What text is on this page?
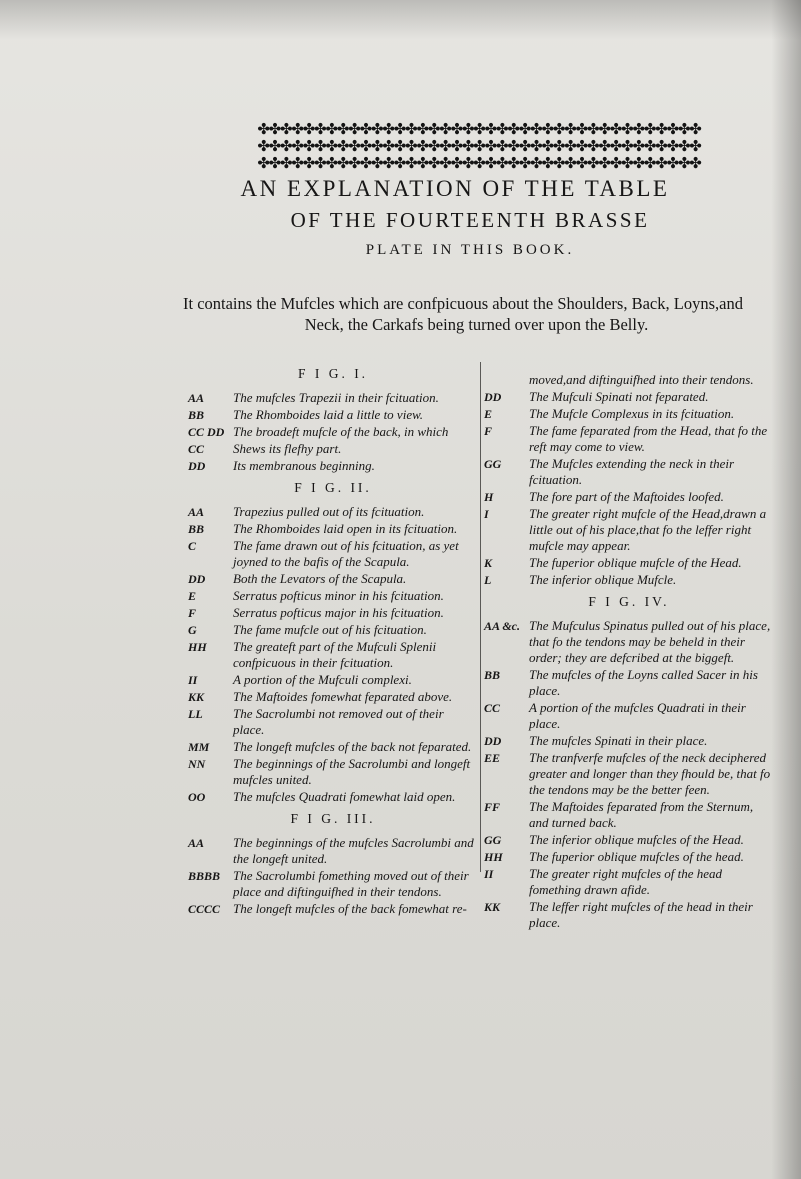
✤✤✤✤✤✤✤✤✤✤✤✤✤✤✤✤✤✤✤✤✤✤✤✤✤✤✤✤✤✤✤✤✤✤✤✤✤✤✤
✤✤✤✤✤✤✤✤✤✤✤✤✤✤✤✤✤✤✤✤✤✤✤✤✤✤✤✤✤✤✤✤✤✤✤✤✤✤✤
✤✤✤✤✤✤✤✤✤✤✤✤✤✤✤✤✤✤✤✤✤✤✤✤✤✤✤✤✤✤✤✤✤✤✤✤✤✤✤
AN EXPLANATION OF THE TABLE
OF THE FOURTEENTH BRASSE
PLATE IN THIS BOOK.
It contains the Mufcles which are confpicuous about the Shoulders, Back, Loyns,and
Neck, the Carkafs being turned over upon the Belly.
F I G. I.
AA	The mufcles Trapezii in their fcituation.
BB	The Rhomboides laid a little to view.
CC DD The broadeft mufcle of the back, in which
CC	Shews its flefhy part.
DD	Its membranous beginning.
F I G. II.
AA	Trapezius pulled out of its fcituation.
BB	The Rhomboides laid open in its fcituation.
C	The fame drawn out of his fcituation, as yet joyned to the bafis of the Scapula.
DD	Both the Levators of the Scapula.
E	Serratus pofticus minor in his fcituation.
F	Serratus pofticus major in his fcituation.
G	The fame mufcle out of his fcituation.
HH	The greateft part of the Mufculi Splenii confpicuous in their fcituation.
II	A portion of the Mufculi complexi.
KK	The Maftoides fomewhat feparated above.
LL	The Sacrolumbi not removed out of their place.
MM	The longeft mufcles of the back not feparated.
NN	The beginnings of the Sacrolumbi and longeft mufcles united.
OO	The mufcles Quadrati fomewhat laid open.
F I G. III.
AA	The beginnings of the mufcles Sacrolumbi and the longeft united.
BBBB The Sacrolumbi fomething moved out of their place and diftinguifhed in their tendons.
CCCC The longeft mufcles of the back fomewhat re-
moved,and diftinguifhed into their tendons.
DD	The Mufculi Spinati not feparated.
E	The Mufcle Complexus in its fcituation.
F	The fame feparated from the Head, that fo the reft may come to view.
GG	The Mufcles extending the neck in their fcituation.
H	The fore part of the Maftoides loofed.
I	The greater right mufcle of the Head,drawn a little out of his place,that fo the leffer right mufcle may appear.
K	The fuperior oblique mufcle of the Head.
L	The inferior oblique Mufcle.
F I G. IV.
AA &c. The Mufculus Spinatus pulled out of his place, that fo the tendons may be beheld in their order; they are defcribed at the biggeft.
BB	The mufcles of the Loyns called Sacer in his place.
CC	A portion of the mufcles Quadrati in their place.
DD	The mufcles Spinati in their place.
EE	The tranfverfe mufcles of the neck deciphered greater and longer than they fhould be, that fo the tendons may be the better feen.
FF	The Maftoides feparated from the Sternum, and turned back.
GG	The inferior oblique mufcles of the Head.
HH	The fuperior oblique mufcles of the head.
II	The greater right mufcles of the head fomething drawn afide.
KK	The leffer right mufcles of the head in their place.
